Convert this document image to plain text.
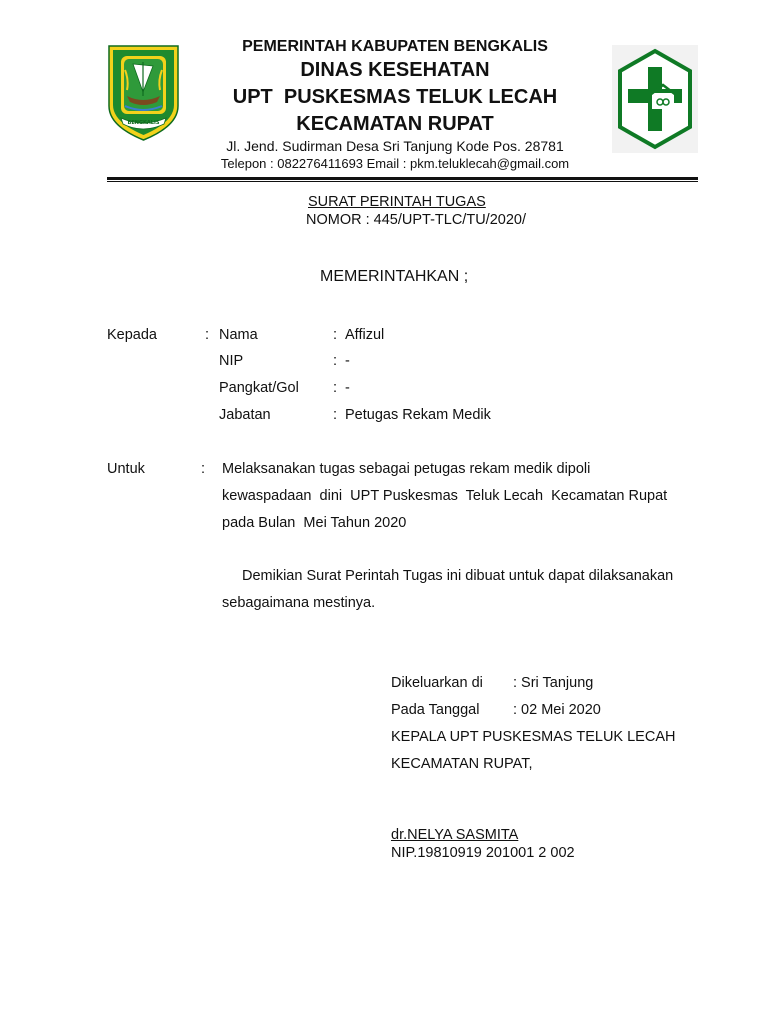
BENGKALIS
PEMERINTAH KABUPATEN BENGKALIS
DINAS KESEHATAN
UPT  PUSKESMAS TELUK LECAH
KECAMATAN RUPAT
Jl. Jend. Sudirman Desa Sri Tanjung Kode Pos. 28781
Telepon : 082276411693 Email : pkm.teluklecah@gmail.com
SURAT PERINTAH TUGAS
NOMOR : 445/UPT-TLC/TU/2020/
MEMERINTAHKAN ;
Kepada	: Nama	: Affizul
NIP	: -
Pangkat/Gol : -
Jabatan	: Petugas Rekam Medik
Untuk	: Melaksanakan tugas sebagai petugas rekam medik dipoli
kewaspadaan  dini  UPT Puskesmas  Teluk Lecah  Kecamatan Rupat
pada Bulan  Mei Tahun 2020
Demikian Surat Perintah Tugas ini dibuat untuk dapat dilaksanakan
sebagaimana mestinya.
Dikeluarkan di : Sri Tanjung
Pada Tanggal : 02 Mei 2020
KEPALA UPT PUSKESMAS TELUK LECAH
KECAMATAN RUPAT,
dr.NELYA SASMITA
NIP.19810919 201001 2 002
